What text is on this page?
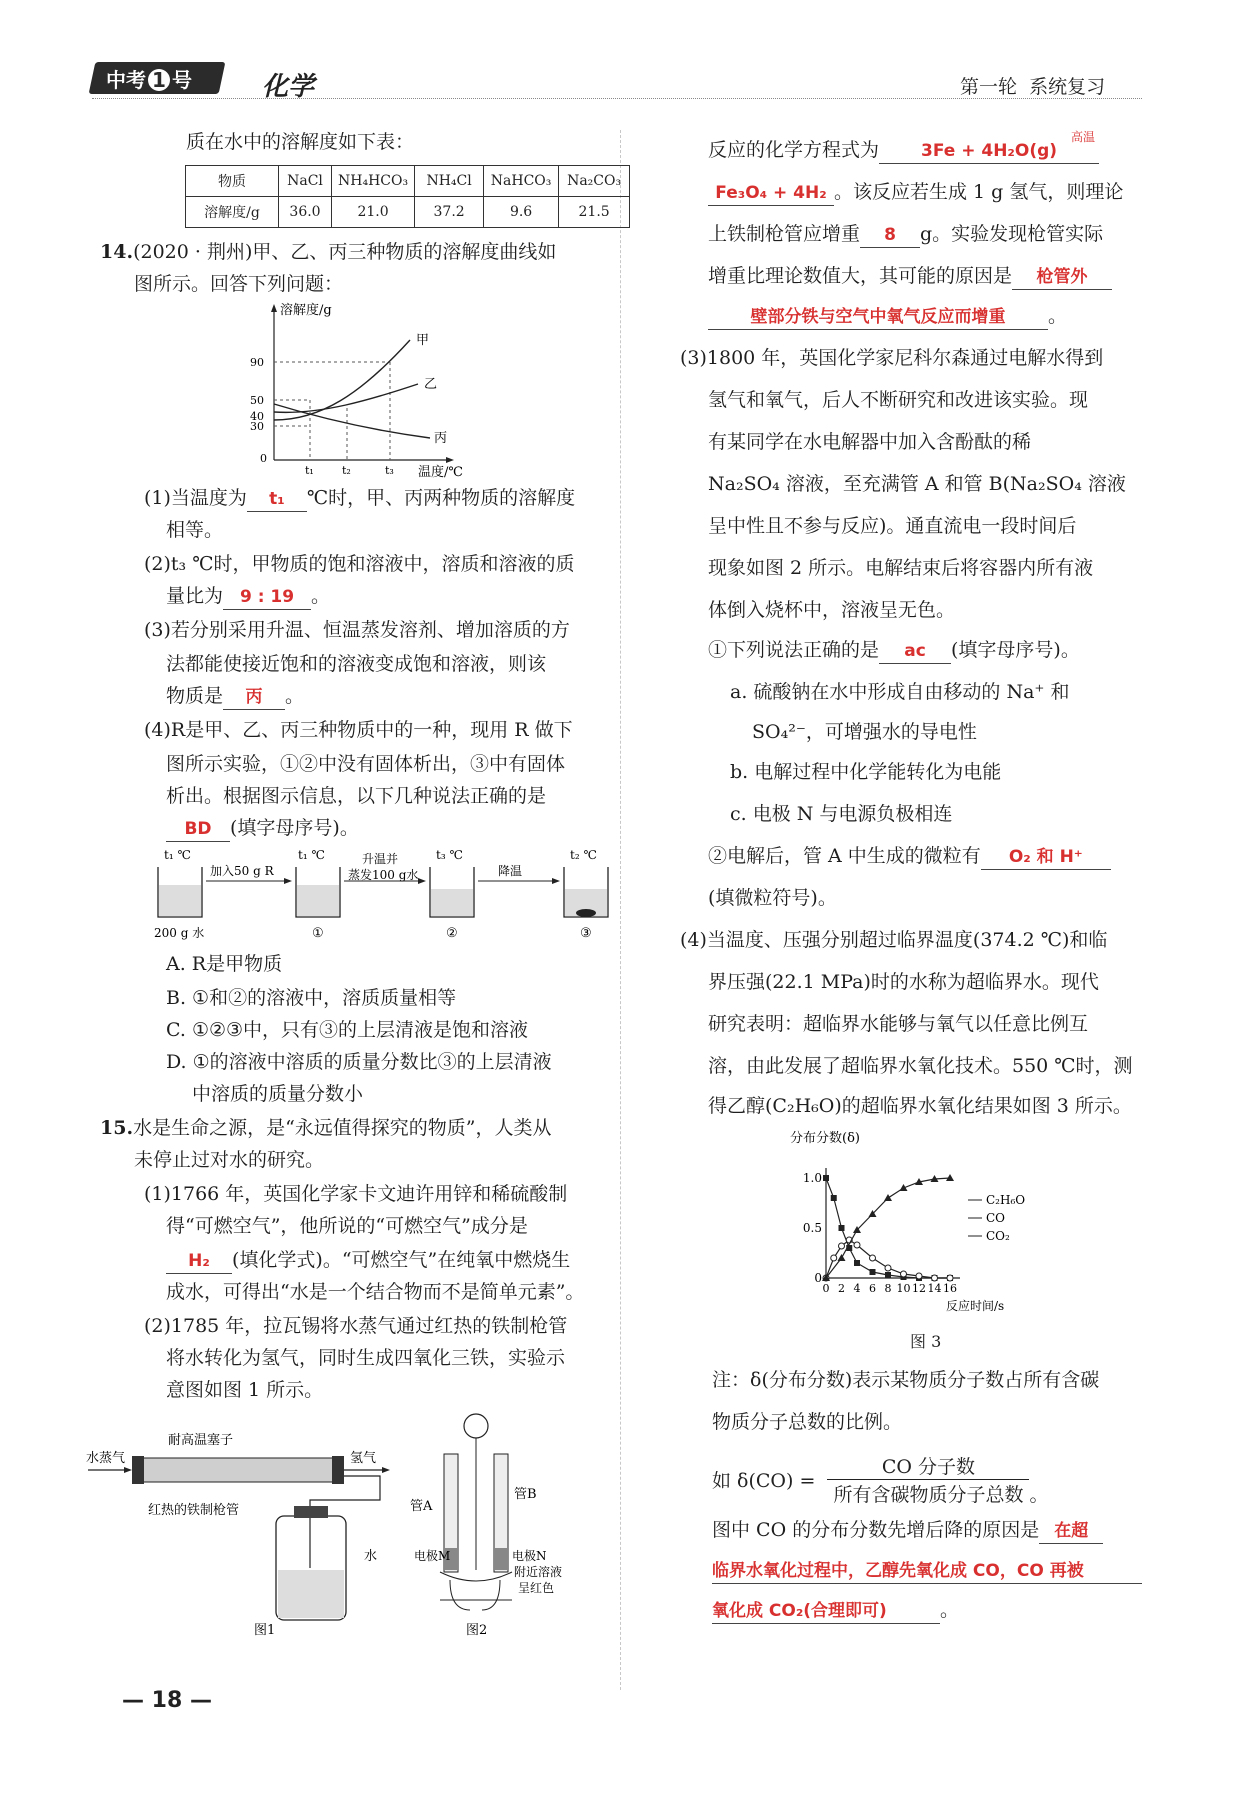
中考 1 号	化学	第一轮  系统复习
质在水中的溶解度如下表：
物质	NaCl	NH₄HCO₃	NH₄Cl	NaHCO₃	Na₂CO₃
溶解度/g	36.0	21.0	37.2	9.6	21.5
14.(2020 · 荆州)甲、乙、丙三种物质的溶解度曲线如
图所示。回答下列问题：
溶解度/g
温度/℃
90
50
40
30
0
甲
乙
丙
t₁	t₂	t₃
(1)当温度为 t₁ ℃时，甲、丙两种物质的溶解度
相等。
(2)t₃ ℃时，甲物质的饱和溶液中，溶质和溶液的质
量比为 9 : 19 。
(3)若分别采用升温、恒温蒸发溶剂、增加溶质的方
法都能使接近饱和的溶液变成饱和溶液，则该
物质是 丙 。
(4)R是甲、乙、丙三种物质中的一种，现用 R 做下
图所示实验，①②中没有固体析出，③中有固体
析出。根据图示信息，以下几种说法正确的是
BD (填字母序号)。
t₁ ℃	t₁ ℃	t₃ ℃	t₂ ℃
加入50 g R
升温并
蒸发100 g水	降温
200 g 水	①	②	③
A. R是甲物质
B. ①和②的溶液中，溶质质量相等
C. ①②③中，只有③的上层清液是饱和溶液
D. ①的溶液中溶质的质量分数比③的上层清液
中溶质的质量分数小
15.水是生命之源，是“永远值得探究的物质”，人类从
未停止过对水的研究。
(1)1766 年，英国化学家卡文迪许用锌和稀硫酸制
得“可燃空气”，他所说的“可燃空气”成分是
H₂ (填化学式)。“可燃空气”在纯氧中燃烧生
成水，可得出“水是一个结合物而不是简单元素”。
(2)1785 年，拉瓦锡将水蒸气通过红热的铁制枪管
将水转化为氢气，同时生成四氧化三铁，实验示
意图如图 1 所示。
水蒸气
耐高温塞子
氢气
红热的铁制枪管
水
图1
管A
管B
电极M	电极N
附近溶液
呈红色
图2
— 18 —
反应的化学方程式为 3Fe + 4H₂O(g)
高温
Fe₃O₄ + 4H₂ 。该反应若生成 1 g 氢气，则理论
上铁制枪管应增重 8 g。实验发现枪管实际
增重比理论数值大，其可能的原因是 枪管外
壁部分铁与空气中氧气反应而增重 。
(3)1800 年，英国化学家尼科尔森通过电解水得到
氢气和氧气，后人不断研究和改进该实验。现
有某同学在水电解器中加入含酚酞的稀
Na₂SO₄ 溶液，至充满管 A 和管 B(Na₂SO₄ 溶液
呈中性且不参与反应)。通直流电一段时间后
现象如图 2 所示。电解结束后将容器内所有液
体倒入烧杯中，溶液呈无色。
①下列说法正确的是 ac (填字母序号)。
a. 硫酸钠在水中形成自由移动的 Na⁺ 和
SO₄²⁻，可增强水的导电性
b. 电解过程中化学能转化为电能
c. 电极 N 与电源负极相连
②电解后，管 A 中生成的微粒有 O₂ 和 H⁺
(填微粒符号)。
(4)当温度、压强分别超过临界温度(374.2 ℃)和临
界压强(22.1 MPa)时的水称为超临界水。现代
研究表明：超临界水能够与氧气以任意比例互
溶，由此发展了超临界水氧化技术。550 ℃时，测
得乙醇(C₂H₆O)的超临界水氧化结果如图 3 所示。
分布分数(δ)
0
0.5
1.0
0 2 4 6 8 10 12 14 16
反应时间/s
C₂H₆O
CO
CO₂
图 3
注：δ(分布分数)表示某物质分子数占所有含碳
物质分子总数的比例。
如 δ(CO) =
CO 分子数
所有含碳物质分子总数 。
图中 CO 的分布分数先增后降的原因是 在超
临界水氧化过程中，乙醇先氧化成 CO，CO 再被
氧化成 CO₂(合理即可)	。
